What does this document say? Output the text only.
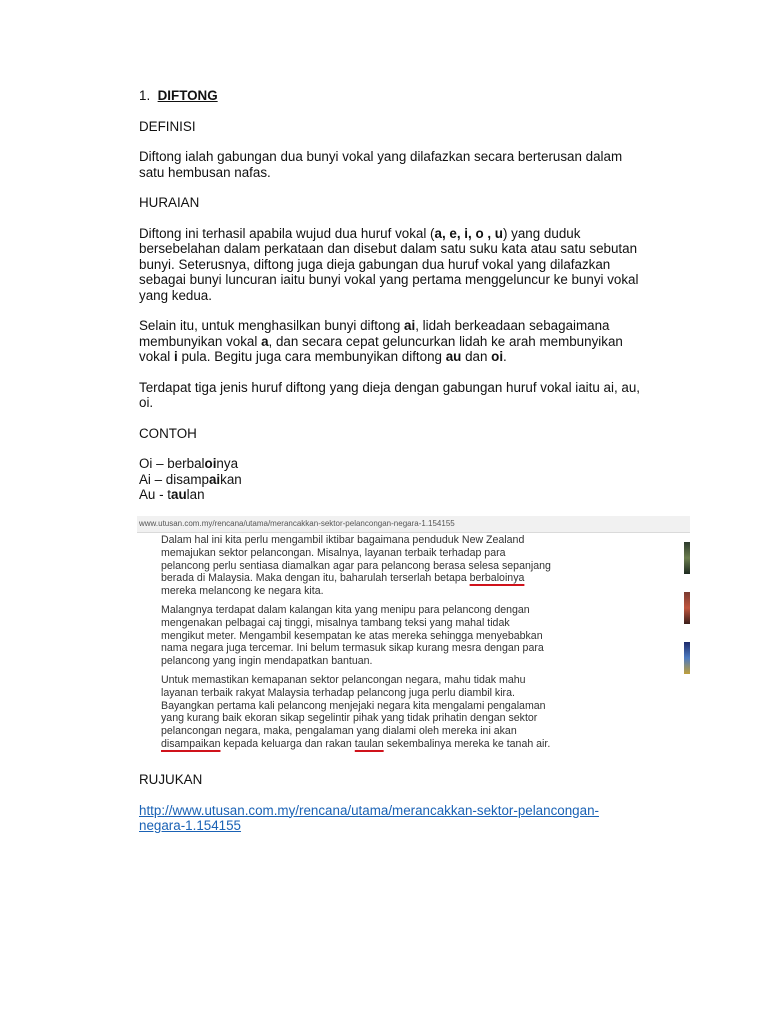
1. DIFTONG

DEFINISI

Diftong ialah gabungan dua bunyi vokal yang dilafazkan secara berterusan dalam
satu hembusan nafas.

HURAIAN

Diftong ini terhasil apabila wujud dua huruf vokal (a, e, i, o , u) yang duduk
bersebelahan dalam perkataan dan disebut dalam satu suku kata atau satu sebutan
bunyi. Seterusnya, diftong juga dieja gabungan dua huruf vokal yang dilafazkan
sebagai bunyi luncuran iaitu bunyi vokal yang pertama menggeluncur ke bunyi vokal
yang kedua.

Selain itu, untuk menghasilkan bunyi diftong ai, lidah berkeadaan sebagaimana
membunyikan vokal a, dan secara cepat geluncurkan lidah ke arah membunyikan
vokal i pula. Begitu juga cara membunyikan diftong au dan oi.

Terdapat tiga jenis huruf diftong yang dieja dengan gabungan huruf vokal iaitu ai, au,
oi.

CONTOH

Oi – berbaloinya
Ai – disampaikan
Au - taulan

www.utusan.com.my/rencana/utama/merancakkan-sektor-pelancongan-negara-1.154155

Dalam hal ini kita perlu mengambil iktibar bagaimana penduduk New Zealand
memajukan sektor pelancongan. Misalnya, layanan terbaik terhadap para
pelancong perlu sentiasa diamalkan agar para pelancong berasa selesa sepanjang
berada di Malaysia. Maka dengan itu, baharulah terserlah betapa berbaloinya
mereka melancong ke negara kita.

Malangnya terdapat dalam kalangan kita yang menipu para pelancong dengan
mengenakan pelbagai caj tinggi, misalnya tambang teksi yang mahal tidak
mengikut meter. Mengambil kesempatan ke atas mereka sehingga menyebabkan
nama negara juga tercemar. Ini belum termasuk sikap kurang mesra dengan para
pelancong yang ingin mendapatkan bantuan.

Untuk memastikan kemapanan sektor pelancongan negara, mahu tidak mahu
layanan terbaik rakyat Malaysia terhadap pelancong juga perlu diambil kira.
Bayangkan pertama kali pelancong menjejaki negara kita mengalami pengalaman
yang kurang baik ekoran sikap segelintir pihak yang tidak prihatin dengan sektor
pelancongan negara, maka, pengalaman yang dialami oleh mereka ini akan
disampaikan kepada keluarga dan rakan taulan sekembalinya mereka ke tanah air.

RUJUKAN

http://www.utusan.com.my/rencana/utama/merancakkan-sektor-pelancongan-
negara-1.154155
